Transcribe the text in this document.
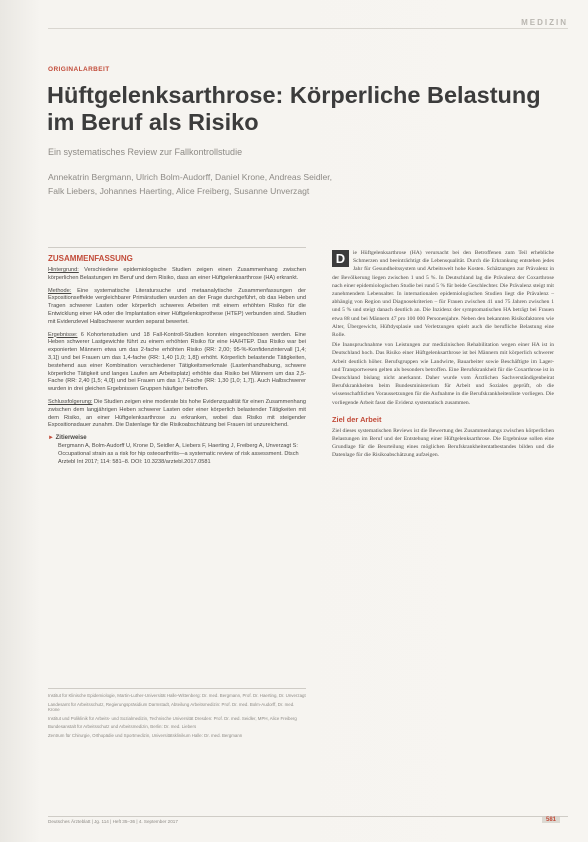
MEDIZIN
ORIGINALARBEIT
Hüftgelenksarthrose: Körperliche Belastung im Beruf als Risiko
Ein systematisches Review zur Fallkontrollstudie
Annekatrin Bergmann, Ulrich Bolm-Audorff, Daniel Krone, Andreas Seidler,
Falk Liebers, Johannes Haerting, Alice Freiberg, Susanne Unverzagt
ZUSAMMENFASSUNG

Hintergrund: Verschiedene epidemiologische Studien zeigen einen Zusammenhang zwischen körperlichen Belastungen im Beruf und dem Risiko, dass an einer Hüftgelenksarthrose (HA) erkrankt.

Methode: Eine systematische Literatursuche und metaanalytische Zusammenfassungen der Expositionseffekte vergleichbarer Primärstudien wurden an der Frage durchgeführt, ob das Heben und Tragen schwerer Lasten oder körperlich schweres Arbeiten mit einem erhöhten Risiko für die Entwicklung einer HA oder die Implantation einer Hüftgelenksprothese (HTEP) verbunden sind. Studien mit Evidenzlevel Halbschwerer wurden separat bewertet.

Ergebnisse: 6 Kohortenstudien und 18 Fall-Kontroll-Studien konnten eingeschlossen werden. Eine Heben schwerer Lastgewichte führt zu einem erhöhten Risiko für eine HA/HTEP. Das Risiko war bei exponierten Männern etwa um das 2-fache erhöhten Risiko (RR: 2,00; 95-%-Konfidenzintervall [1,4; 3,1]) und bei Frauen um das 1,4-fache (RR: 1,40 [1,0; 1,8]) erhöht. Körperlich belastende Tätigkeiten, bestehend aus einer Kombination verschiedener Tätigkeitsmerkmale (Lastenhandhabung, schwere körperliche Tätigkeit und langes Laufen am Arbeitsplatz) erhöhte das Risiko bei Männern um das 2,5-Fache (RR: 2,40 [1,5; 4,0]) und bei Frauen um das 1,7-Fache (RR: 1,30 [1,0; 1,7]). Auch Halbschwerer wurden in drei gleichen Ergebnissen Gruppen häufiger betroffen.

Schlussfolgerung: Die Studien zeigen eine moderate bis hohe Evidenzqualität für einen Zusammenhang zwischen dem langjährigen Heben schwerer Lasten oder einer körperlich belastender Tätigkeiten mit dem Risiko, an einer Hüftgelenksarthrose zu erkranken, wobei das Risiko mit steigender Expositionsdauer zunahm. Die Datenlage für die Risikoabschätzung bei Frauen ist unzureichend.

► Zitierweise
Bergmann A, Bolm-Audorff U, Krone D, Seidler A, Liebers F, Haerting J, Freiberg A, Unverzagt S: Occupational strain as a risk for hip osteoarthritis—a systematic review of risk assessment. Dtsch Arztebl Int 2017; 114: 581–8. DOI: 10.3238/arztebl.2017.0581

Institut für Klinische Epidemiologie, Martin-Luther-Universität Halle-Wittenberg: Dr. med. Bergmann, Prof. Dr. Haerting, Dr. Unverzagt

Landesamt für Arbeitsschutz, Regierungspräsidium Darmstadt, Abteilung Arbeitsmedizin: Prof. Dr. med. Bolm-Audorff, Dr. med. Krone

Institut und Poliklinik für Arbeits- und Sozialmedizin, Technische Universität Dresden: Prof. Dr. med. Seidler, MPH, Alice Freiberg

Bundesanstalt für Arbeitsschutz und Arbeitsmedizin, Berlin: Dr. med. Liebers

Zentrum für Chirurgie, Orthopädie und Sportmedizin, Universitätsklinikum Halle: Dr. med. Bergmann

D	ie Hüftgelenksarthrose (HA) verursacht bei den Betroffenen zum Teil erhebliche Schmerzen und beeinträchtigt die Lebensqualität. Durch die Erkrankung entstehen jedes Jahr für Gesundheitssystem und Arbeitswelt hohe Kosten. Schätzungen zur Prävalenz in der Bevölkerung liegen zwischen 1 und 5 %. In Deutschland lag die Prävalenz der Coxarthrose nach einer epidemiologischen Studie bei rund 5 % für beide Geschlechter. Die Prävalenz steigt mit zunehmendem Lebensalter. In internationalen epidemiologischen Studien liegt die Prävalenz – abhängig von Region und Diagnosekriterien – für Frauen zwischen 41 und 75 Jahren zwischen 1 und 5 % und steigt danach deutlich an. Die Inzidenz der symptomatischen HA beträgt bei Frauen etwa 88 und bei Männern 47 pro 100 000 Personenjahre. Neben den bekannten Risikofaktoren wie Alter, Übergewicht, Hüftdysplasie und Verletzungen spielt auch die berufliche Belastung eine Rolle.

Die Inanspruchnahme von Leistungen zur medizinischen Rehabilitation wegen einer HA ist in Deutschland hoch. Das Risiko einer Hüftgelenksarthrose ist bei Männern mit körperlich schwerer Arbeit deutlich höher. Berufsgruppen wie Landwirte, Bauarbeiter sowie Beschäftigte im Lager- und Transportwesen gelten als besonders betroffen. Eine Berufskrankheit für die Coxarthrose ist in Deutschland bislang nicht anerkannt. Daher wurde vom Ärztlichen Sachverständigenbeirat Berufskrankheiten beim Bundesministerium für Arbeit und Soziales geprüft, ob die wissenschaftlichen Voraussetzungen für die Aufnahme in die Berufskrankheitenliste vorliegen. Die vorliegende Arbeit fasst die Evidenz systematisch zusammen.

Ziel der Arbeit

Ziel dieses systematischen Reviews ist die Bewertung des Zusammenhangs zwischen körperlichen Belastungen im Beruf und der Entstehung einer Hüftgelenksarthrose. Die Ergebnisse sollen eine Grundlage für die Beurteilung eines möglichen Berufskrankheitentatbestandes bilden und die Datenlage für die Risikoabschätzung aufzeigen.

Deutsches Ärzteblatt | Jg. 114 | Heft 35–36 | 4. September 2017	581
